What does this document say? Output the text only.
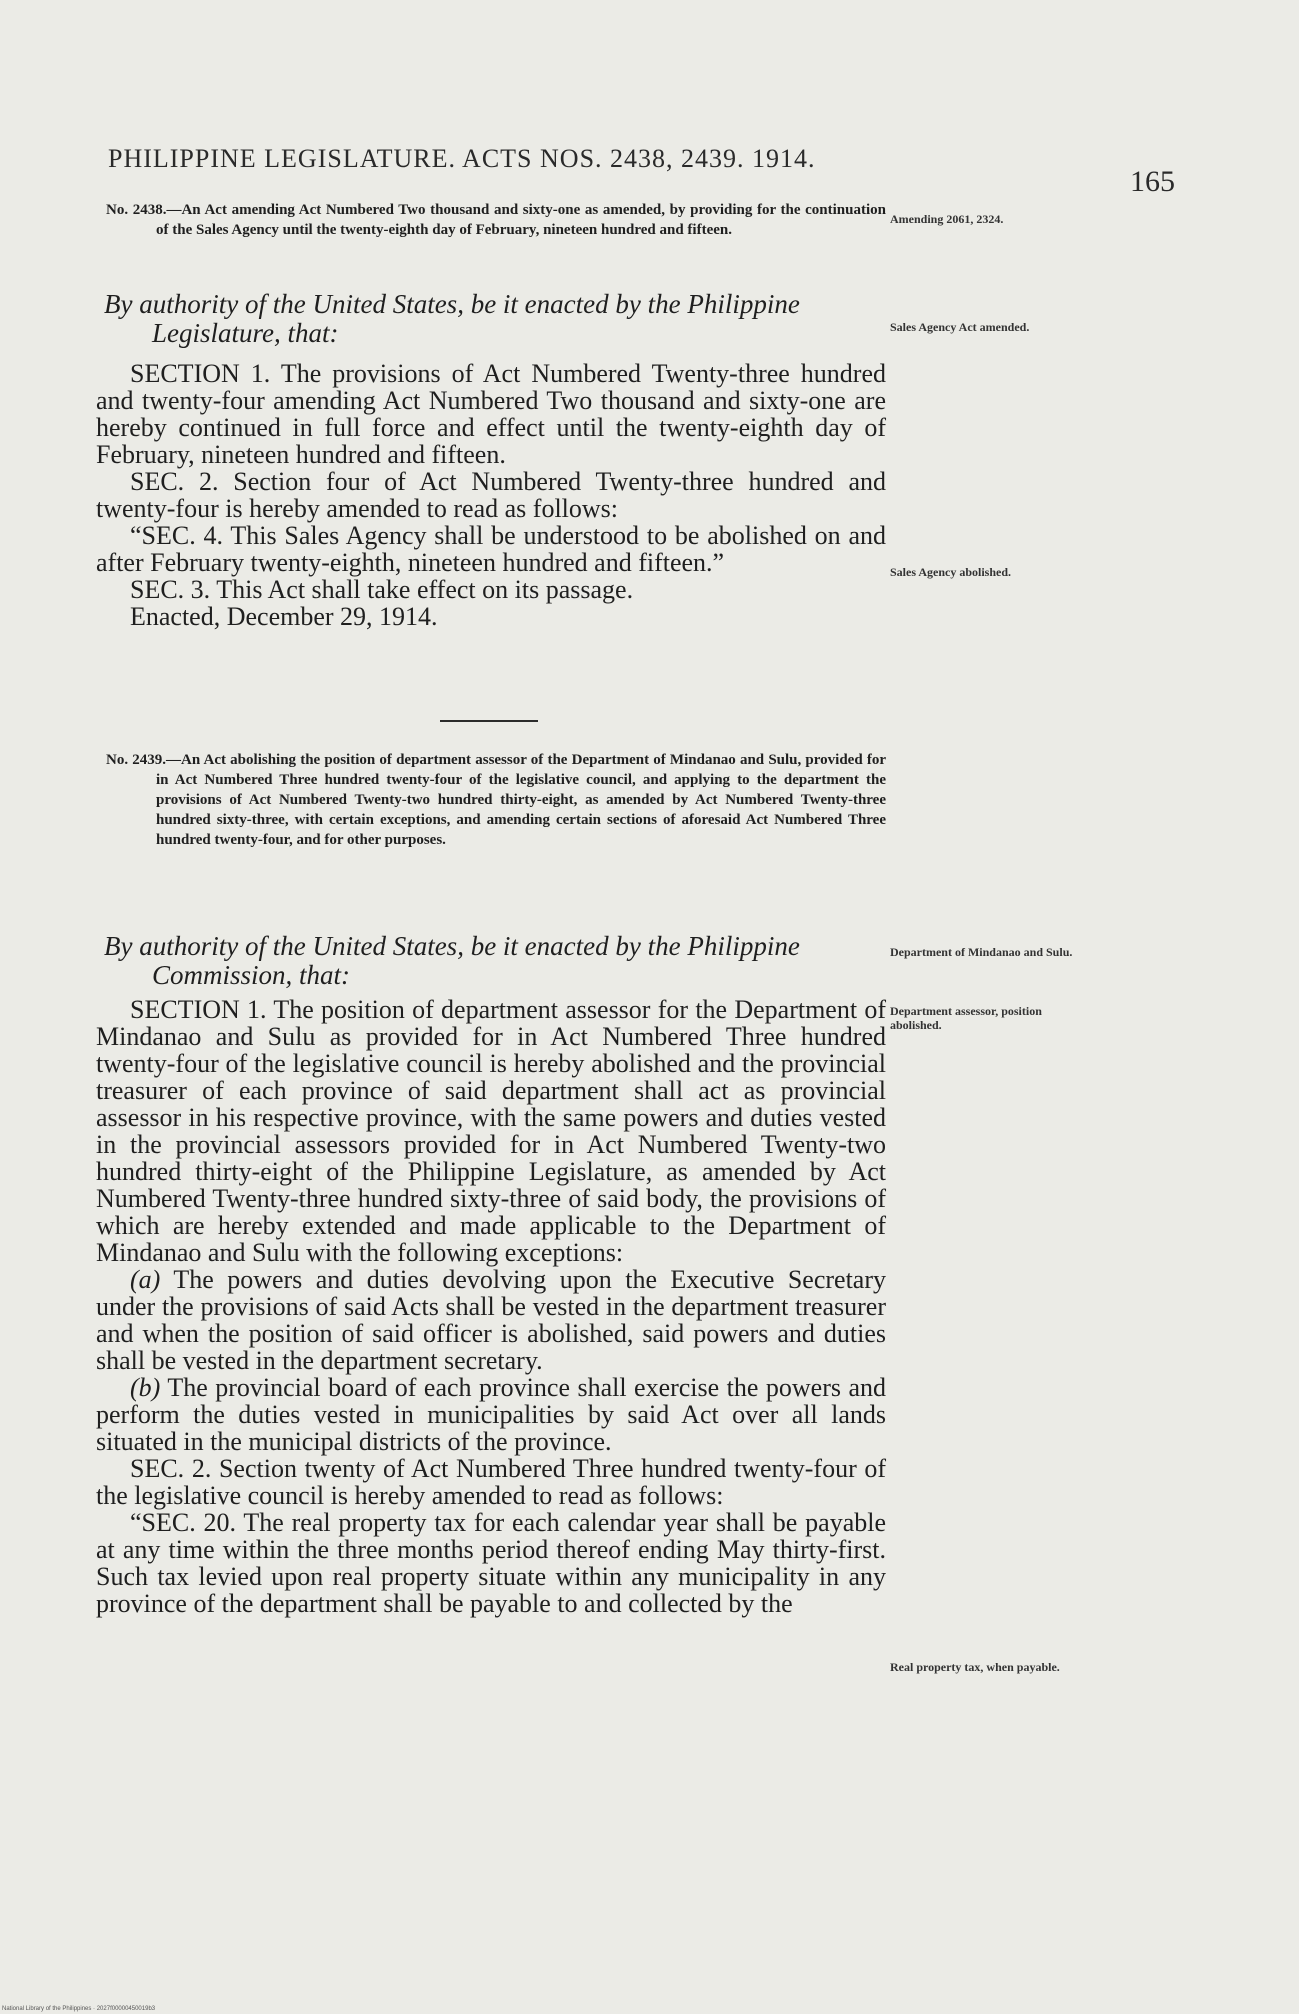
PHILIPPINE LEGISLATURE. ACTS NOS. 2438, 2439. 1914.
165
No. 2438.—An Act amending Act Numbered Two thousand and sixty-one as amended, by providing for the continuation of the Sales Agency until the twenty-eighth day of February, nineteen hundred and fifteen.
Amending 2061, 2324.
By authority of the United States, be it enacted by the Philippine Legislature, that:	Sales Agency Act amended.

SECTION 1. The provisions of Act Numbered Twenty-three hundred and twenty-four amending Act Numbered Two thousand and sixty-one are hereby continued in full force and effect until the twenty-eighth day of February, nineteen hundred and fifteen.

SEC. 2. Section four of Act Numbered Twenty-three hundred and twenty-four is hereby amended to read as follows:

“SEC. 4. This Sales Agency shall be understood to be abolished on and after February twenty-eighth, nineteen hundred and fifteen.”

SEC. 3. This Act shall take effect on its passage.

Enacted, December 29, 1914.

Sales Agency abolished.
No. 2439.—An Act abolishing the position of department assessor of the Department of Mindanao and Sulu, provided for in Act Numbered Three hundred twenty-four of the legislative council, and applying to the department the provisions of Act Numbered Twenty-two hundred thirty-eight, as amended by Act Numbered Twenty-three hundred sixty-three, with certain exceptions, and amending certain sections of aforesaid Act Numbered Three hundred twenty-four, and for other purposes.
By authority of the United States, be it enacted by the Philippine Commission, that:
Department of Mindanao and Sulu.

SECTION 1. The position of department assessor for the Department of Mindanao and Sulu as provided for in Act Numbered Three hundred twenty-four of the legislative council is hereby abolished and the provincial treasurer of each province of said department shall act as provincial assessor in his respective province, with the same powers and duties vested in the provincial assessors provided for in Act Numbered Twenty-two hundred thirty-eight of the Philippine Legislature, as amended by Act Numbered Twenty-three hundred sixty-three of said body, the provisions of which are hereby extended and made applicable to the Department of Mindanao and Sulu with the following exceptions:

(a) The powers and duties devolving upon the Executive Secretary under the provisions of said Acts shall be vested in the department treasurer and when the position of said officer is abolished, said powers and duties shall be vested in the department secretary.

(b) The provincial board of each province shall exercise the powers and perform the duties vested in municipalities by said Act over all lands situated in the municipal districts of the province.

SEC. 2. Section twenty of Act Numbered Three hundred twenty-four of the legislative council is hereby amended to read as follows:

“SEC. 20. The real property tax for each calendar year shall be payable at any time within the three months period thereof ending May thirty-first. Such tax levied upon real property situate within any municipality in any province of the department shall be payable to and collected by the

Department assessor, position abolished.
Real property tax, when payable.
National Library of the Philippines · 2027f00000450019b3
